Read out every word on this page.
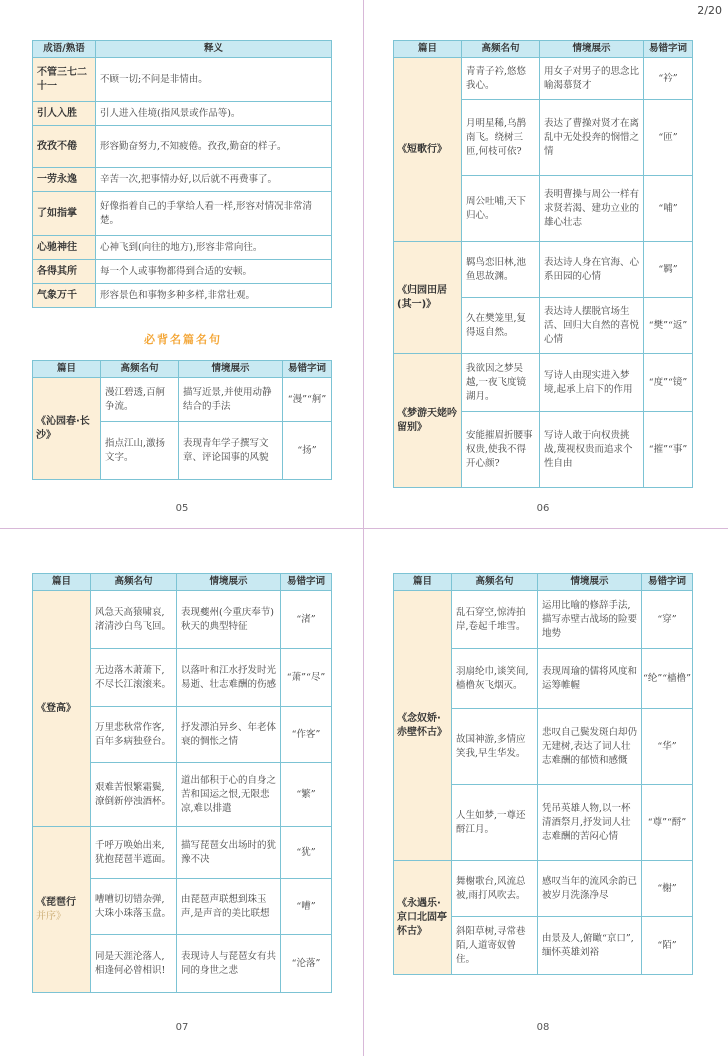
2/20
成语/熟语	释义
不管三七二十一	不顾一切;不问是非情由。
引人入胜	引人进入佳境(指风景或作品等)。
孜孜不倦	形容勤奋努力,不知疲倦。孜孜,勤奋的样子。
一劳永逸	辛苦一次,把事情办好,以后就不再费事了。
了如指掌	好像指着自己的手掌给人看一样,形容对情况非常清楚。
心驰神往	心神飞到(向往的地方),形容非常向往。
各得其所	每一个人或事物都得到合适的安顿。
气象万千	形容景色和事物多种多样,非常壮观。
必背名篇名句
篇目	高频名句	情境展示	易错字词
《沁园春·长沙》	漫江碧透,百舸争流。	描写近景,并使用动静结合的手法	“漫”“舸”
	指点江山,激扬文字。	表现青年学子撰写文章、评论国事的风貌	“扬”
05
篇目	高频名句	情境展示	易错字词
《短歌行》	青青子衿,悠悠我心。	用女子对男子的思念比喻渴慕贤才	“衿”
	月明星稀,乌鹊南飞。绕树三匝,何枝可依?	表达了曹操对贤才在离乱中无处投奔的悯惜之情	“匝”
	周公吐哺,天下归心。	表明曹操与周公一样有求贤若渴、建功立业的雄心壮志	“哺”
《归园田居(其一)》	羁鸟恋旧林,池鱼思故渊。	表达诗人身在官海、心系田园的心情	“羁”
	久在樊笼里,复得返自然。	表达诗人摆脱官场生活、回归大自然的喜悦心情	“樊”“返”
《梦游天姥吟留别》	我欲因之梦吴越,一夜飞度镜湖月。	写诗人由现实进入梦境,起承上启下的作用	“度”“镜”
	安能摧眉折腰事权贵,使我不得开心颜?	写诗人敢于向权贵挑战,蔑视权贵而追求个性自由	“摧”“事”
06
篇目	高频名句	情境展示	易错字词
《登高》	风急天高猿啸哀,渚清沙白鸟飞回。	表现夔州(今重庆奉节)秋天的典型特征	“渚”
	无边落木萧萧下,不尽长江滚滚来。	以落叶和江水抒发时光易逝、壮志难酬的伤感	“萧”“尽”
	万里悲秋常作客,百年多病独登台。	抒发漂泊异乡、年老体衰的惆怅之情	“作客”
	艰难苦恨繁霜鬓,潦倒新停浊酒杯。	道出郁积于心的自身之苦和国运之恨,无限悲凉,难以排遣	“繁”
《琵琶行
并序》	千呼万唤始出来,犹抱琵琶半遮面。	描写琵琶女出场时的犹豫不决	“犹”
	嘈嘈切切错杂弹,大珠小珠落玉盘。	由琵琶声联想到珠玉声,是声音的美比联想	“嘈”
	同是天涯沦落人,相逢何必曾相识!	表现诗人与琵琶女有共同的身世之悲	“沦落”
07
篇目	高频名句	情境展示	易错字词
《念奴娇·赤壁怀古》	乱石穿空,惊涛拍岸,卷起千堆雪。	运用比喻的修辞手法,描写赤壁古战场的险要地势	“穿”
	羽扇纶巾,谈笑间,樯橹灰飞烟灭。	表现周瑜的儒将风度和运筹帷幄	“纶”“樯橹”
	故国神游,多情应笑我,早生华发。	悲叹自己鬓发斑白却仍无建树,表达了词人壮志难酬的郁愤和感慨	“华”
	人生如梦,一尊还酹江月。	凭吊英雄人物,以一杯清酒祭月,抒发词人壮志难酬的苦闷心情	“尊”“酹”
《永遇乐·京口北固亭怀古》	舞榭歌台,风流总被,雨打风吹去。	感叹当年的流风余韵已被岁月洗涤净尽	“榭”
	斜阳草树,寻常巷陌,人道寄奴曾住。	由景及人,俯瞰“京口”,缅怀英雄刘裕	“陌”
08
